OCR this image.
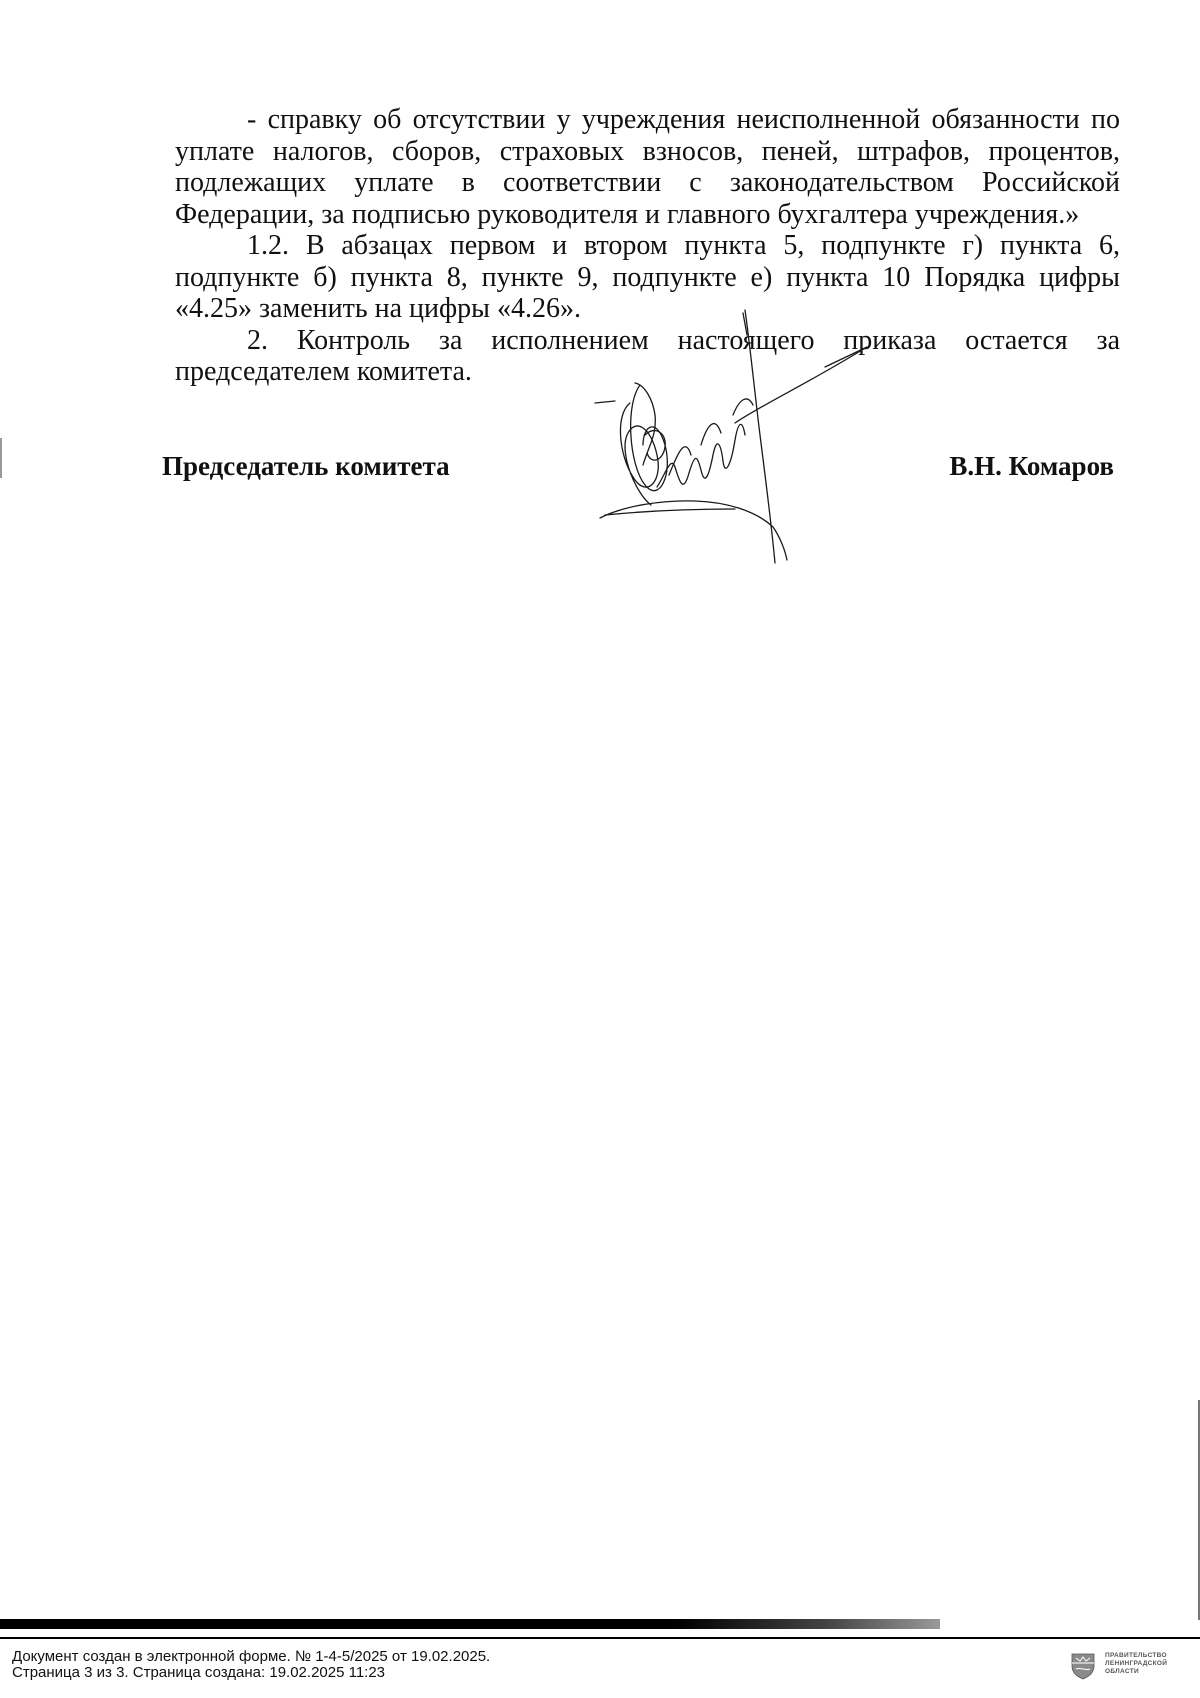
- справку об отсутствии у учреждения неисполненной обязанности по уплате налогов, сборов, страховых взносов, пеней, штрафов, процентов, подлежащих уплате в соответствии с законодательством Российской Федерации, за подписью руководителя и главного бухгалтера учреждения.»

1.2. В абзацах первом и втором пункта 5, подпункте г) пункта 6, подпункте б) пункта 8, пункте 9, подпункте е) пункта 10 Порядка цифры «4.25» заменить на цифры «4.26».

2. Контроль за исполнением настоящего приказа остается за председателем комитета.

Председатель комитета	В.Н. Комаров
Документ создан в электронной форме. № 1-4-5/2025 от 19.02.2025.
Страница 3 из 3. Страница создана: 19.02.2025 11:23
ПРАВИТЕЛЬСТВО
ЛЕНИНГРАДСКОЙ
ОБЛАСТИ
